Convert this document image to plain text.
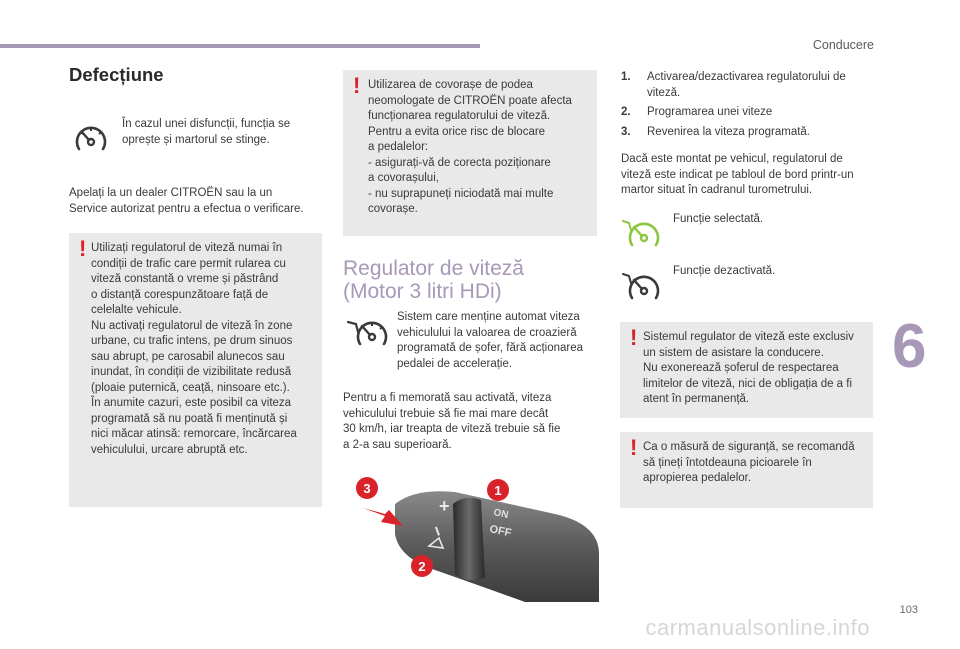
Conducere
Defecțiune
În cazul unei disfuncții, funcția se
oprește și martorul se stinge.
Apelați la un dealer CITROËN sau la un
Service autorizat pentru a efectua o verificare.
! Utilizați regulatorul de viteză numai în
condiții de trafic care permit rularea cu
viteză constantă o vreme și păstrând
o distanță corespunzătoare față de
celelalte vehicule.
Nu activați regulatorul de viteză în zone
urbane, cu trafic intens, pe drum sinuos
sau abrupt, pe carosabil alunecos sau
inundat, în condiții de vizibilitate redusă
(ploaie puternică, ceață, ninsoare etc.).
În anumite cazuri, este posibil ca viteza
programată să nu poată fi menținută și
nici măcar atinsă: remorcare, încărcarea
vehiculului, urcare abruptă etc.
! Utilizarea de covorașe de podea
neomologate de CITROËN poate afecta
funcționarea regulatorului de viteză.
Pentru a evita orice risc de blocare
a pedalelor:
- asigurați-vă de corecta poziționare
a covorașului,
- nu suprapuneți niciodată mai multe
covorașe.
Regulator de viteză
(Motor 3 litri HDi)
Sistem care menține automat viteza
vehiculului la valoarea de croazieră
programată de șofer, fără acționarea
pedalei de accelerație.
Pentru a fi memorată sau activată, viteza
vehiculului trebuie să fie mai mare decât
30 km/h, iar treapta de viteză trebuie să fie
a 2-a sau superioară.
+
−
ON
OFF
3	1
2
1. Activarea/dezactivarea regulatorului de
viteză.
2. Programarea unei viteze
3. Revenirea la viteza programată.
Dacă este montat pe vehicul, regulatorul de
viteză este indicat pe tabloul de bord printr-un
martor situat în cadranul turometrului.
Funcție selectată.
Funcție dezactivată.
! Sistemul regulator de viteză este exclusiv
un sistem de asistare la conducere.
Nu exonerează șoferul de respectarea
limitelor de viteză, nici de obligația de a fi
atent în permanență.
! Ca o măsură de siguranță, se recomandă
să țineți întotdeauna picioarele în
apropierea pedalelor.
6
103
carmanualsonline.info
